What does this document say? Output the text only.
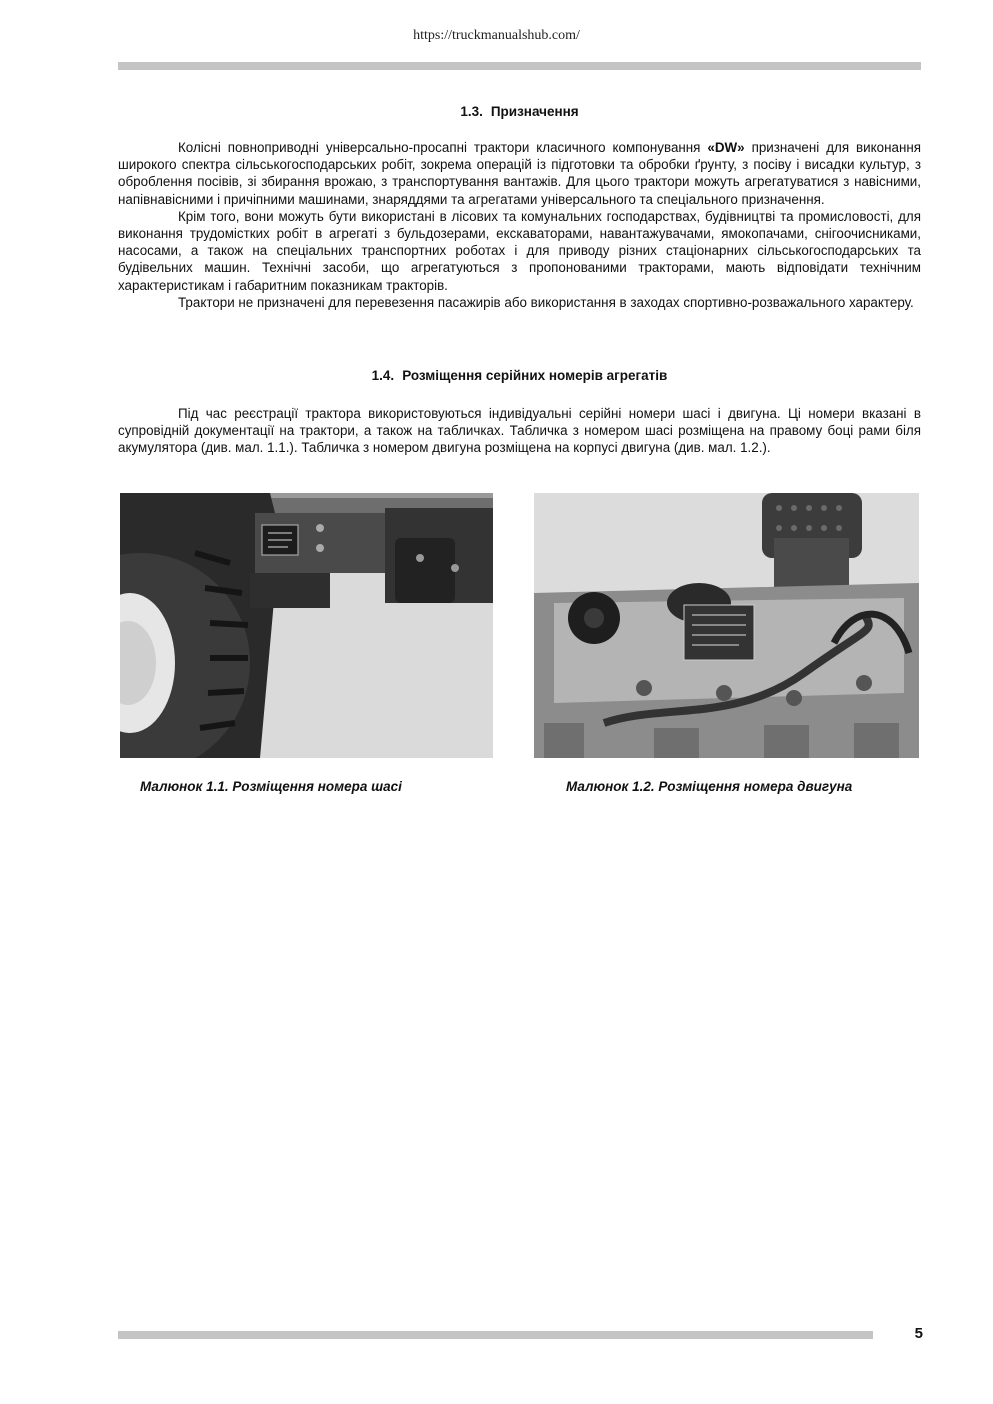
https://truckmanualshub.com/
1.3. Призначення

Колісні повноприводні універсально-просапні трактори класичного компонування «DW» призначені для виконання широкого спектра сільськогосподарських робіт, зокрема операцій із підготовки та обробки ґрунту, з посіву і висадки культур, з оброблення посівів, зі збирання врожаю, з транспортування вантажів. Для цього трактори можуть агрегатуватися з навісними, напівнавісними і причіпними машинами, знаряддями та агрегатами універсального та спеціального призначення.

Крім того, вони можуть бути використані в лісових та комунальних господарствах, будівництві та промисловості, для виконання трудомістких робіт в агрегаті з бульдозерами, екскаваторами, навантажувачами, ямокопачами, снігоочисниками, насосами, а також на спеціальних транспортних роботах і для приводу різних стаціонарних сільськогосподарських та будівельних машин. Технічні засоби, що агрегатуються з пропонованими тракторами, мають відповідати технічним характеристикам і габаритним показникам тракторів.

Трактори не призначені для перевезення пасажирів або використання в заходах спортивно-розважального характеру.

1.4. Розміщення серійних номерів агрегатів

Під час реєстрації трактора використовуються індивідуальні серійні номери шасі і двигуна. Ці номери вказані в супровідній документації на трактори, а також на табличках. Табличка з номером шасі розміщена на правому боці рами біля акумулятора (див. мал. 1.1.). Табличка з номером двигуна розміщена на корпусі двигуна (див. мал. 1.2.).

Малюнок 1.1. Розміщення номера шасі	Малюнок 1.2. Розміщення номера двигуна
5
